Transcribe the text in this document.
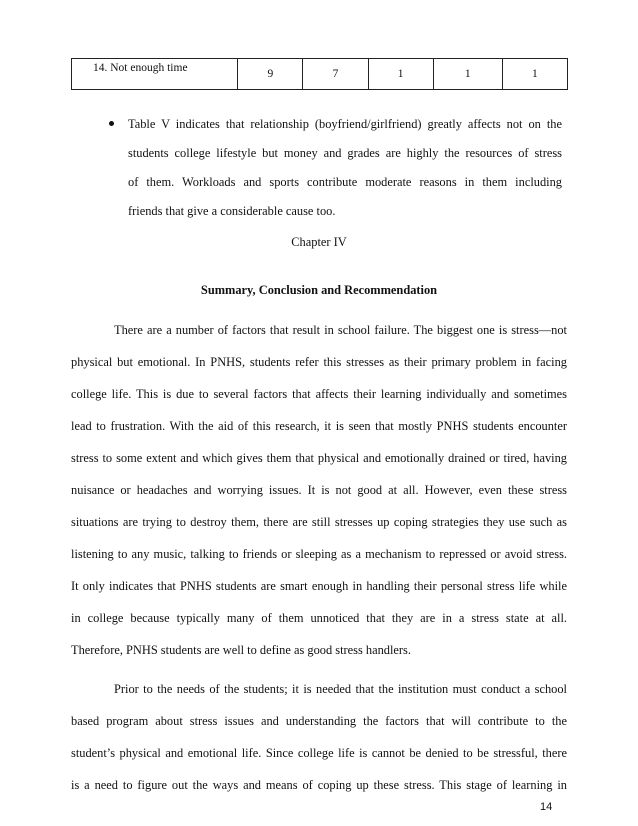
14. Not enough time	9	7	1	1	1
Table V indicates that relationship (boyfriend/girlfriend) greatly affects not on the
students college lifestyle but money and grades are highly the resources of stress
of them. Workloads and sports contribute moderate reasons in them including
friends that give a considerable cause too.
Chapter IV
Summary, Conclusion and Recommendation
There are a number of factors that result in school failure. The biggest one is stress—not
physical but emotional. In PNHS, students refer this stresses as their primary problem in facing
college life. This is due to several factors that affects their learning individually and sometimes
lead to frustration. With the aid of this research, it is seen that mostly PNHS students encounter
stress to some extent and which gives them that physical and emotionally drained or tired, having
nuisance or headaches and worrying issues. It is not good at all. However, even these stress
situations are trying to destroy them, there are still stresses up coping strategies they use such as
listening to any music, talking to friends or sleeping as a mechanism to repressed or avoid stress.
It only indicates that PNHS students are smart enough in handling their personal stress life while
in college because typically many of them unnoticed that they are in a stress state at all.
Therefore, PNHS students are well to define as good stress handlers.
Prior to the needs of the students; it is needed that the institution must conduct a school
based program about stress issues and understanding the factors that will contribute to the
student’s physical and emotional life. Since college life is cannot be denied to be stressful, there
is a need to figure out the ways and means of coping up these stress. This stage of learning in
14
